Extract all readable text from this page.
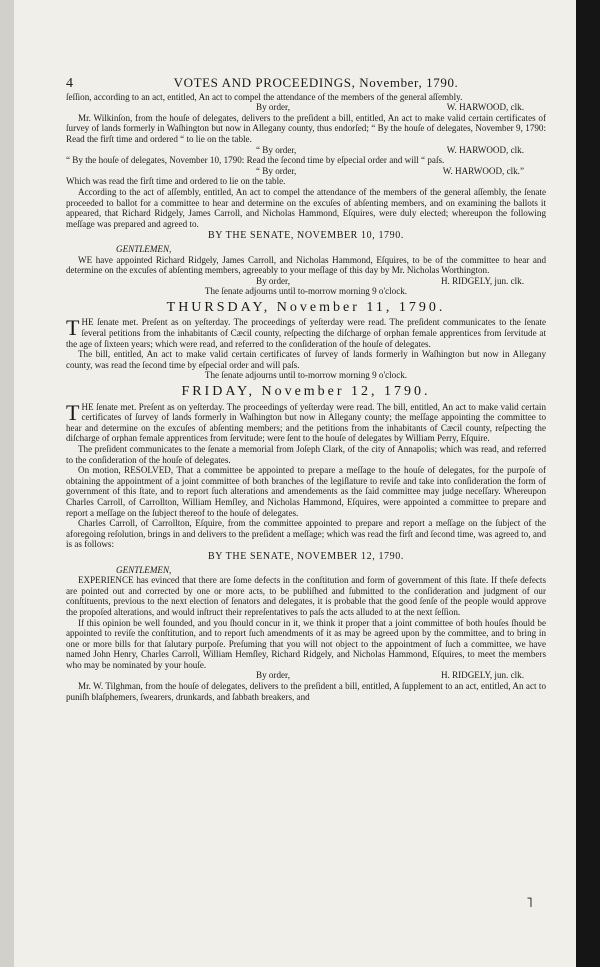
4	VOTES AND PROCEEDINGS, November, 1790.

ſeſſion, according to an act, entitled, An act to compel the attendance of the members of the general aſſembly.

By order,	W. HARWOOD, clk.

Mr. Wilkinſon, from the houſe of delegates, delivers to the preſident a bill, entitled, An act to make valid certain certificates of ſurvey of lands formerly in Waſhington but now in Allegany county, thus endorſed; “ By the houſe of delegates, November 9, 1790: Read the firſt time and ordered “ to lie on the table.

“ By order,	W. HARWOOD, clk.

“ By the houſe of delegates, November 10, 1790: Read the ſecond time by eſpecial order and will “ paſs.

“ By order,	W. HARWOOD, clk.”

Which was read the firſt time and ordered to lie on the table.

According to the act of aſſembly, entitled, An act to compel the attendance of the members of the general aſſembly, the ſenate proceeded to ballot for a committee to hear and determine on the excuſes of abſenting members, and on examining the ballots it appeared, that Richard Ridgely, James Carroll, and Nicholas Hammond, Eſquires, were duly elected; whereupon the following meſſage was prepared and agreed to.

BY THE SENATE, NOVEMBER 10, 1790.
GENTLEMEN,

WE have appointed Richard Ridgely, James Carroll, and Nicholas Hammond, Eſquires, to be of the committee to hear and determine on the excuſes of abſenting members, agreeably to your meſſage of this day by Mr. Nicholas Worthington.

By order,	H. RIDGELY, jun. clk.

The ſenate adjourns until to-morrow morning 9 o'clock.

THURSDAY, November 11, 1790.

THE ſenate met. Preſent as on yeſterday. The proceedings of yeſterday were read. The preſident communicates to the ſenate ſeveral petitions from the inhabitants of Cæcil county, reſpecting the diſcharge of orphan female apprentices from ſervitude at the age of ſixteen years; which were read, and referred to the conſideration of the houſe of delegates.

The bill, entitled, An act to make valid certain certificates of ſurvey of lands formerly in Waſhington but now in Allegany county, was read the ſecond time by eſpecial order and will paſs.

The ſenate adjourns until to-morrow morning 9 o'clock.

FRIDAY, November 12, 1790.

THE ſenate met. Preſent as on yeſterday. The proceedings of yeſterday were read. The bill, entitled, An act to make valid certain certificates of ſurvey of lands formerly in Waſhington but now in Allegany county; the meſſage appointing the committee to hear and determine on the excuſes of abſenting members; and the petitions from the inhabitants of Cæcil county, reſpecting the diſcharge of orphan female apprentices from ſervitude; were ſent to the houſe of delegates by William Perry, Eſquire.

The preſident communicates to the ſenate a memorial from Joſeph Clark, of the city of Annapolis; which was read, and referred to the conſideration of the houſe of delegates.

On motion, RESOLVED, That a committee be appointed to prepare a meſſage to the houſe of delegates, for the purpoſe of obtaining the appointment of a joint committee of both branches of the legiſlature to reviſe and take into conſideration the form of government of this ſtate, and to report ſuch alterations and amendements as the ſaid committee may judge neceſſary. Whereupon Charles Carroll, of Carrollton, William Hemſley, and Nicholas Hammond, Eſquires, were appointed a committee to prepare and report a meſſage on the ſubject thereof to the houſe of delegates.

Charles Carroll, of Carrollton, Eſquire, from the committee appointed to prepare and report a meſſage on the ſubject of the aforegoing reſolution, brings in and delivers to the preſident a meſſage; which was read the firſt and ſecond time, was agreed to, and is as follows:

BY THE SENATE, NOVEMBER 12, 1790.
GENTLEMEN,

EXPERIENCE has evinced that there are ſome defects in the conſtitution and form of government of this ſtate. If theſe defects are pointed out and corrected by one or more acts, to be publiſhed and ſubmitted to the conſideration and judgment of our conſtituents, previous to the next election of ſenators and delegates, it is probable that the good ſenſe of the people would approve the propoſed alterations, and would inſtruct their repreſentatives to paſs the acts alluded to at the next ſeſſion.

If this opinion be well founded, and you ſhould concur in it, we think it proper that a joint committee of both houſes ſhould be appointed to reviſe the conſtitution, and to report ſuch amendments of it as may be agreed upon by the committee, and to bring in one or more bills for that ſalutary purpoſe. Preſuming that you will not object to the appointment of ſuch a committee, we have named John Henry, Charles Carroll, William Hemſley, Richard Ridgely, and Nicholas Hammond, Eſquires, to meet the members who may be nominated by your houſe.

By order,	H. RIDGELY, jun. clk.

Mr. W. Tilghman, from the houſe of delegates, delivers to the preſident a bill, entitled, A ſupplement to an act, entitled, An act to puniſh blaſphemers, ſwearers, drunkards, and ſabbath breakers, and

˥
